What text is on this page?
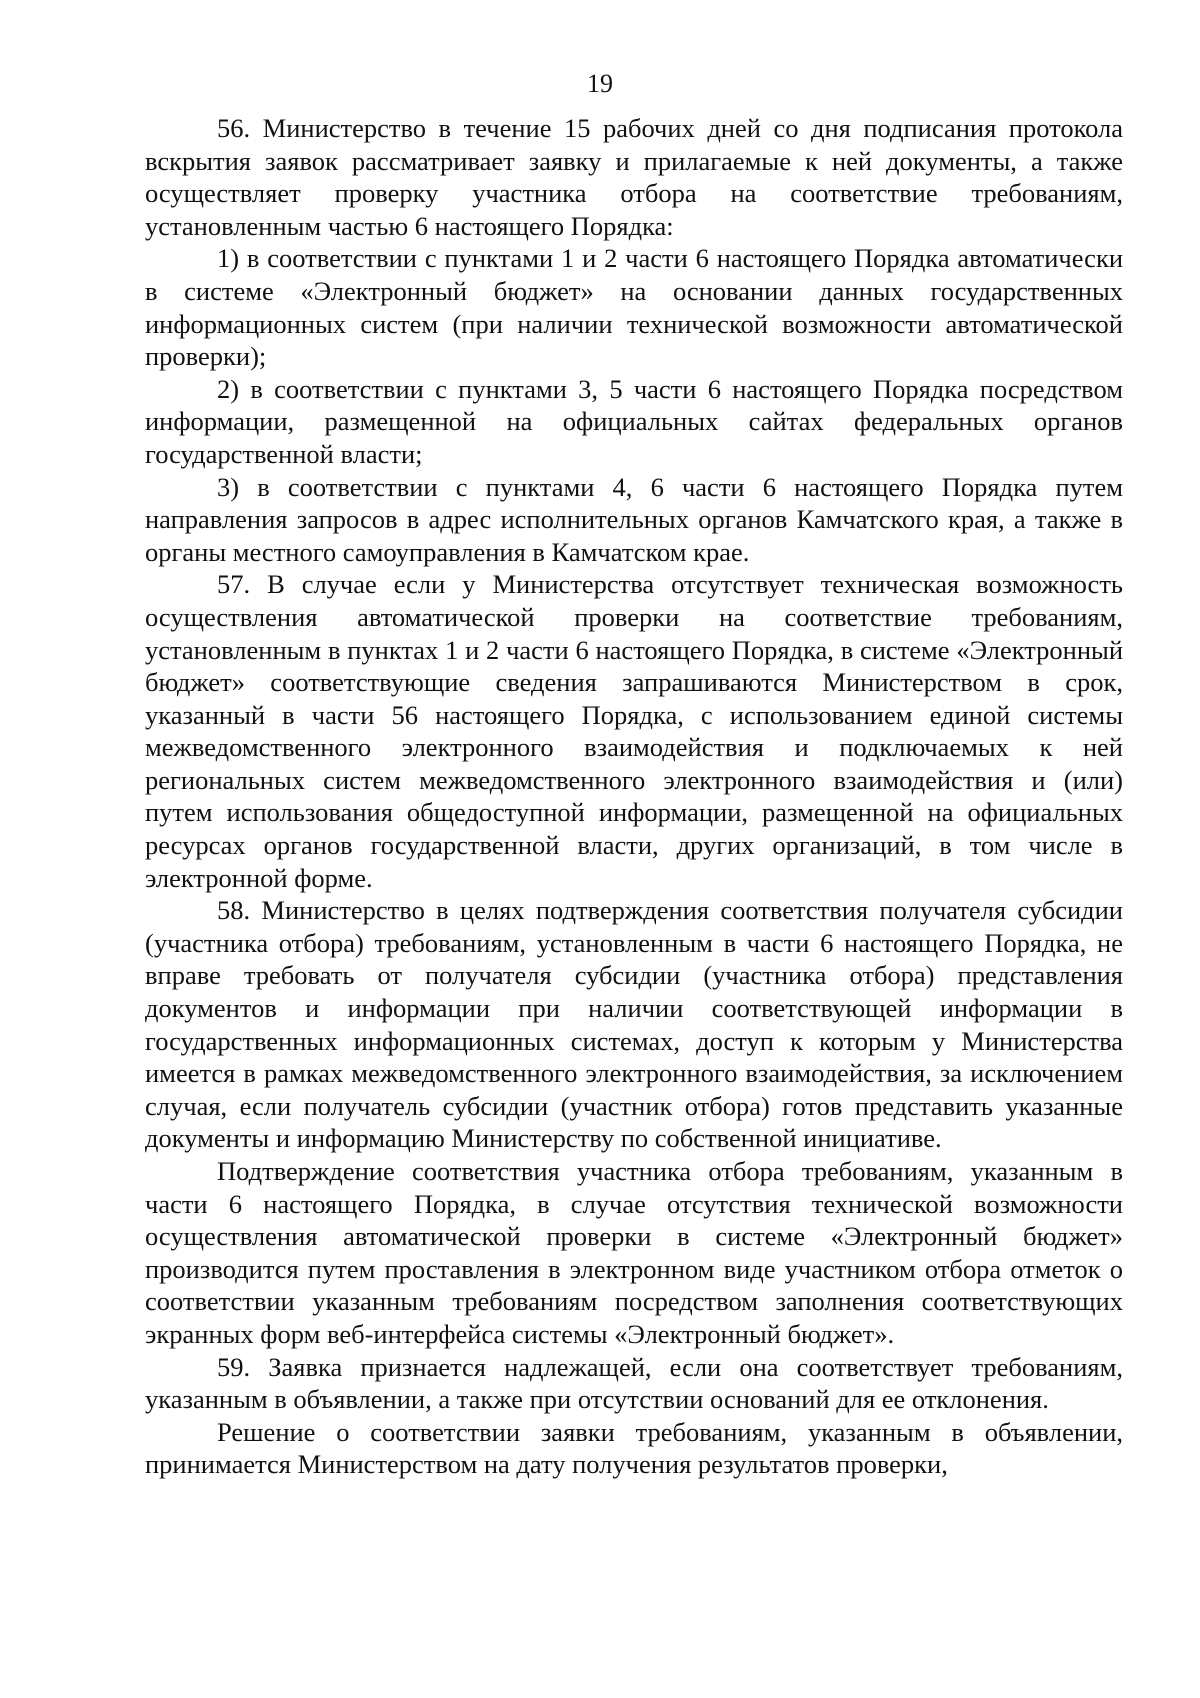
19

56. Министерство в течение 15 рабочих дней со дня подписания протокола вскрытия заявок рассматривает заявку и прилагаемые к ней документы, а также осуществляет проверку участника отбора на соответствие требованиям, установленным частью 6 настоящего Порядка:

1) в соответствии с пунктами 1 и 2 части 6 настоящего Порядка автоматически в системе «Электронный бюджет» на основании данных государственных информационных систем (при наличии технической возможности автоматической проверки);

2) в соответствии с пунктами 3, 5 части 6 настоящего Порядка посредством информации, размещенной на официальных сайтах федеральных органов государственной власти;

3) в соответствии с пунктами 4, 6 части 6 настоящего Порядка путем направления запросов в адрес исполнительных органов Камчатского края, а также в органы местного самоуправления в Камчатском крае.

57. В случае если у Министерства отсутствует техническая возможность осуществления автоматической проверки на соответствие требованиям, установленным в пунктах 1 и 2 части 6 настоящего Порядка, в системе «Электронный бюджет» соответствующие сведения запрашиваются Министерством в срок, указанный в части 56 настоящего Порядка, с использованием единой системы межведомственного электронного взаимодействия и подключаемых к ней региональных систем межведомственного электронного взаимодействия и (или) путем использования общедоступной информации, размещенной на официальных ресурсах органов государственной власти, других организаций, в том числе в электронной форме.

58. Министерство в целях подтверждения соответствия получателя субсидии (участника отбора) требованиям, установленным в части 6 настоящего Порядка, не вправе требовать от получателя субсидии (участника отбора) представления документов и информации при наличии соответствующей информации в государственных информационных системах, доступ к которым у Министерства имеется в рамках межведомственного электронного взаимодействия, за исключением случая, если получатель субсидии (участник отбора) готов представить указанные документы и информацию Министерству по собственной инициативе.

Подтверждение соответствия участника отбора требованиям, указанным в части 6 настоящего Порядка, в случае отсутствия технической возможности осуществления автоматической проверки в системе «Электронный бюджет» производится путем проставления в электронном виде участником отбора отметок о соответствии указанным требованиям посредством заполнения соответствующих экранных форм веб-интерфейса системы «Электронный бюджет».

59. Заявка признается надлежащей, если она соответствует требованиям, указанным в объявлении, а также при отсутствии оснований для ее отклонения.

Решение о соответствии заявки требованиям, указанным в объявлении, принимается Министерством на дату получения результатов проверки,
